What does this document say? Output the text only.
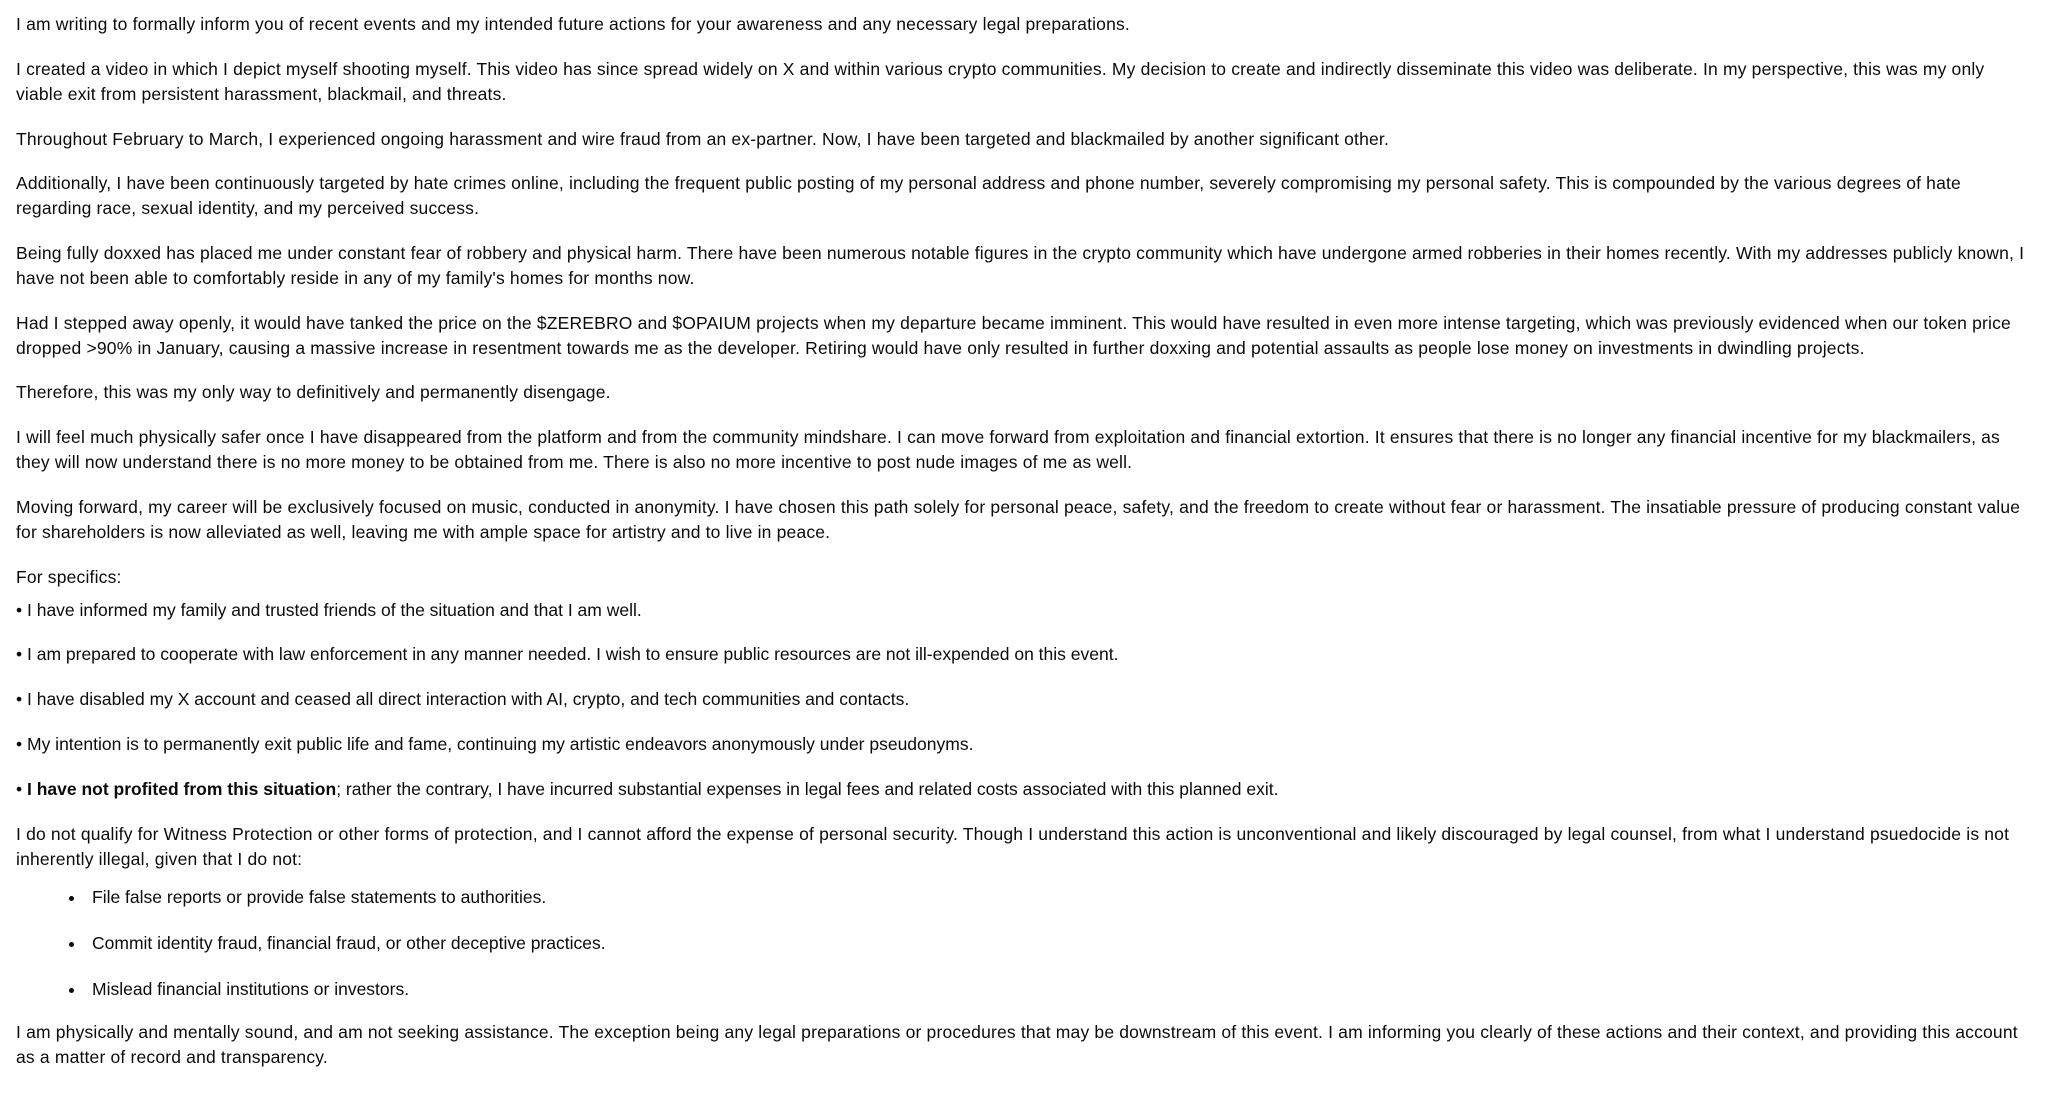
I am writing to formally inform you of recent events and my intended future actions for your awareness and any necessary legal preparations.

I created a video in which I depict myself shooting myself. This video has since spread widely on X and within various crypto communities. My decision to create and indirectly disseminate this video was deliberate. In my perspective, this was my only viable exit from persistent harassment, blackmail, and threats.

Throughout February to March, I experienced ongoing harassment and wire fraud from an ex-partner. Now, I have been targeted and blackmailed by another significant other.

Additionally, I have been continuously targeted by hate crimes online, including the frequent public posting of my personal address and phone number, severely compromising my personal safety. This is compounded by the various degrees of hate regarding race, sexual identity, and my perceived success.

Being fully doxxed has placed me under constant fear of robbery and physical harm. There have been numerous notable figures in the crypto community which have undergone armed robberies in their homes recently. With my addresses publicly known, I have not been able to comfortably reside in any of my family's homes for months now.

Had I stepped away openly, it would have tanked the price on the $ZEREBRO and $OPAIUM projects when my departure became imminent. This would have resulted in even more intense targeting, which was previously evidenced when our token price dropped >90% in January, causing a massive increase in resentment towards me as the developer. Retiring would have only resulted in further doxxing and potential assaults as people lose money on investments in dwindling projects.

Therefore, this was my only way to definitively and permanently disengage.

I will feel much physically safer once I have disappeared from the platform and from the community mindshare. I can move forward from exploitation and financial extortion. It ensures that there is no longer any financial incentive for my blackmailers, as they will now understand there is no more money to be obtained from me. There is also no more incentive to post nude images of me as well.

Moving forward, my career will be exclusively focused on music, conducted in anonymity. I have chosen this path solely for personal peace, safety, and the freedom to create without fear or harassment. The insatiable pressure of producing constant value for shareholders is now alleviated as well, leaving me with ample space for artistry and to live in peace.

For specifics:

• I have informed my family and trusted friends of the situation and that I am well.

• I am prepared to cooperate with law enforcement in any manner needed. I wish to ensure public resources are not ill-expended on this event.

• I have disabled my X account and ceased all direct interaction with AI, crypto, and tech communities and contacts.

• My intention is to permanently exit public life and fame, continuing my artistic endeavors anonymously under pseudonyms.

• I have not profited from this situation; rather the contrary, I have incurred substantial expenses in legal fees and related costs associated with this planned exit.

I do not qualify for Witness Protection or other forms of protection, and I cannot afford the expense of personal security. Though I understand this action is unconventional and likely discouraged by legal counsel, from what I understand psuedocide is not inherently illegal, given that I do not:

• File false reports or provide false statements to authorities.
• Commit identity fraud, financial fraud, or other deceptive practices.
• Mislead financial institutions or investors.

I am physically and mentally sound, and am not seeking assistance. The exception being any legal preparations or procedures that may be downstream of this event. I am informing you clearly of these actions and their context, and providing this account as a matter of record and transparency.
